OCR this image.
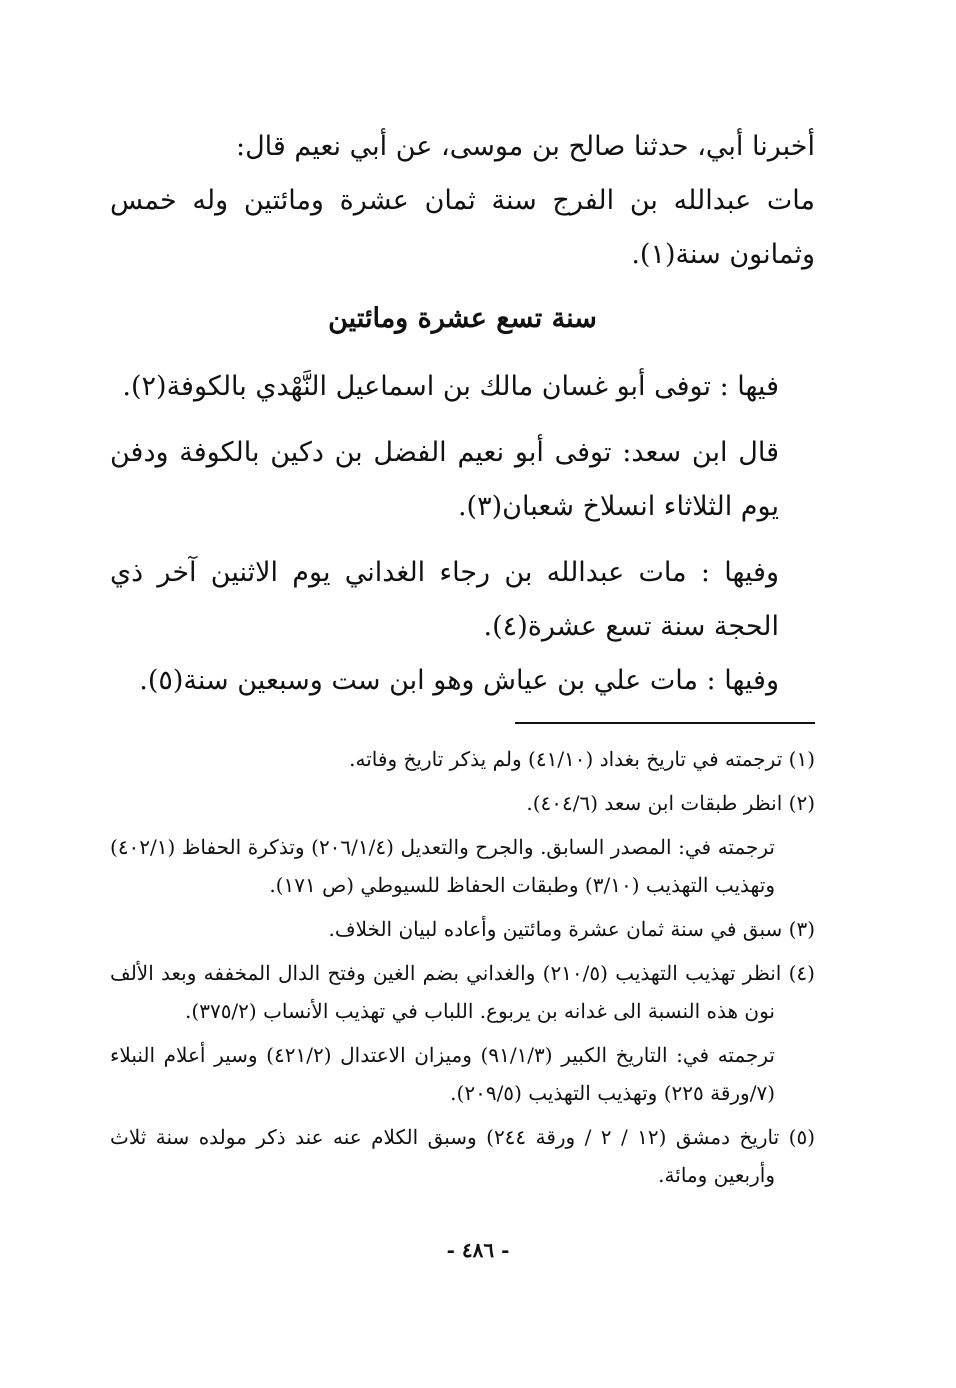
أخبرنا أبي، حدثنا صالح بن موسى، عن أبي نعيم قال:

مات عبدالله بن الفرج سنة ثمان عشرة ومائتين وله خمس وثمانون سنة(١).

سنة تسع عشرة ومائتين

فيها : توفى أبو غسان مالك بن اسماعيل النَّهْدي بالكوفة(٢).

قال ابن سعد: توفى أبو نعيم الفضل بن دكين بالكوفة ودفن يوم الثلاثاء انسلاخ شعبان(٣).

وفيها : مات عبدالله بن رجاء الغداني يوم الاثنين آخر ذي الحجة سنة تسع عشرة(٤).

وفيها : مات علي بن عياش وهو ابن ست وسبعين سنة(٥).

(١) ترجمته في تاريخ بغداد (٤١/١٠) ولم يذكر تاريخ وفاته.

(٢) انظر طبقات ابن سعد (٤٠٤/٦).

ترجمته في: المصدر السابق. والجرح والتعديل (٢٠٦/١/٤) وتذكرة الحفاظ (٤٠٢/١) وتهذيب التهذيب (٣/١٠) وطبقات الحفاظ للسيوطي (ص ١٧١).

(٣) سبق في سنة ثمان عشرة ومائتين وأعاده لبيان الخلاف.

(٤) انظر تهذيب التهذيب (٢١٠/٥) والغداني بضم الغين وفتح الدال المخففه وبعد الألف نون هذه النسبة الى غدانه بن يربوع. اللباب في تهذيب الأنساب (٣٧٥/٢).

ترجمته في: التاريخ الكبير (٩١/١/٣) وميزان الاعتدال (٤٢١/٢) وسير أعلام النبلاء (٧/ورقة ٢٢٥) وتهذيب التهذيب (٢٠٩/٥).

(٥) تاريخ دمشق (١٢ / ٢ / ورقة ٢٤٤) وسبق الكلام عنه عند ذكر مولده سنة ثلاث وأربعين ومائة.

- ٤٨٦ -
